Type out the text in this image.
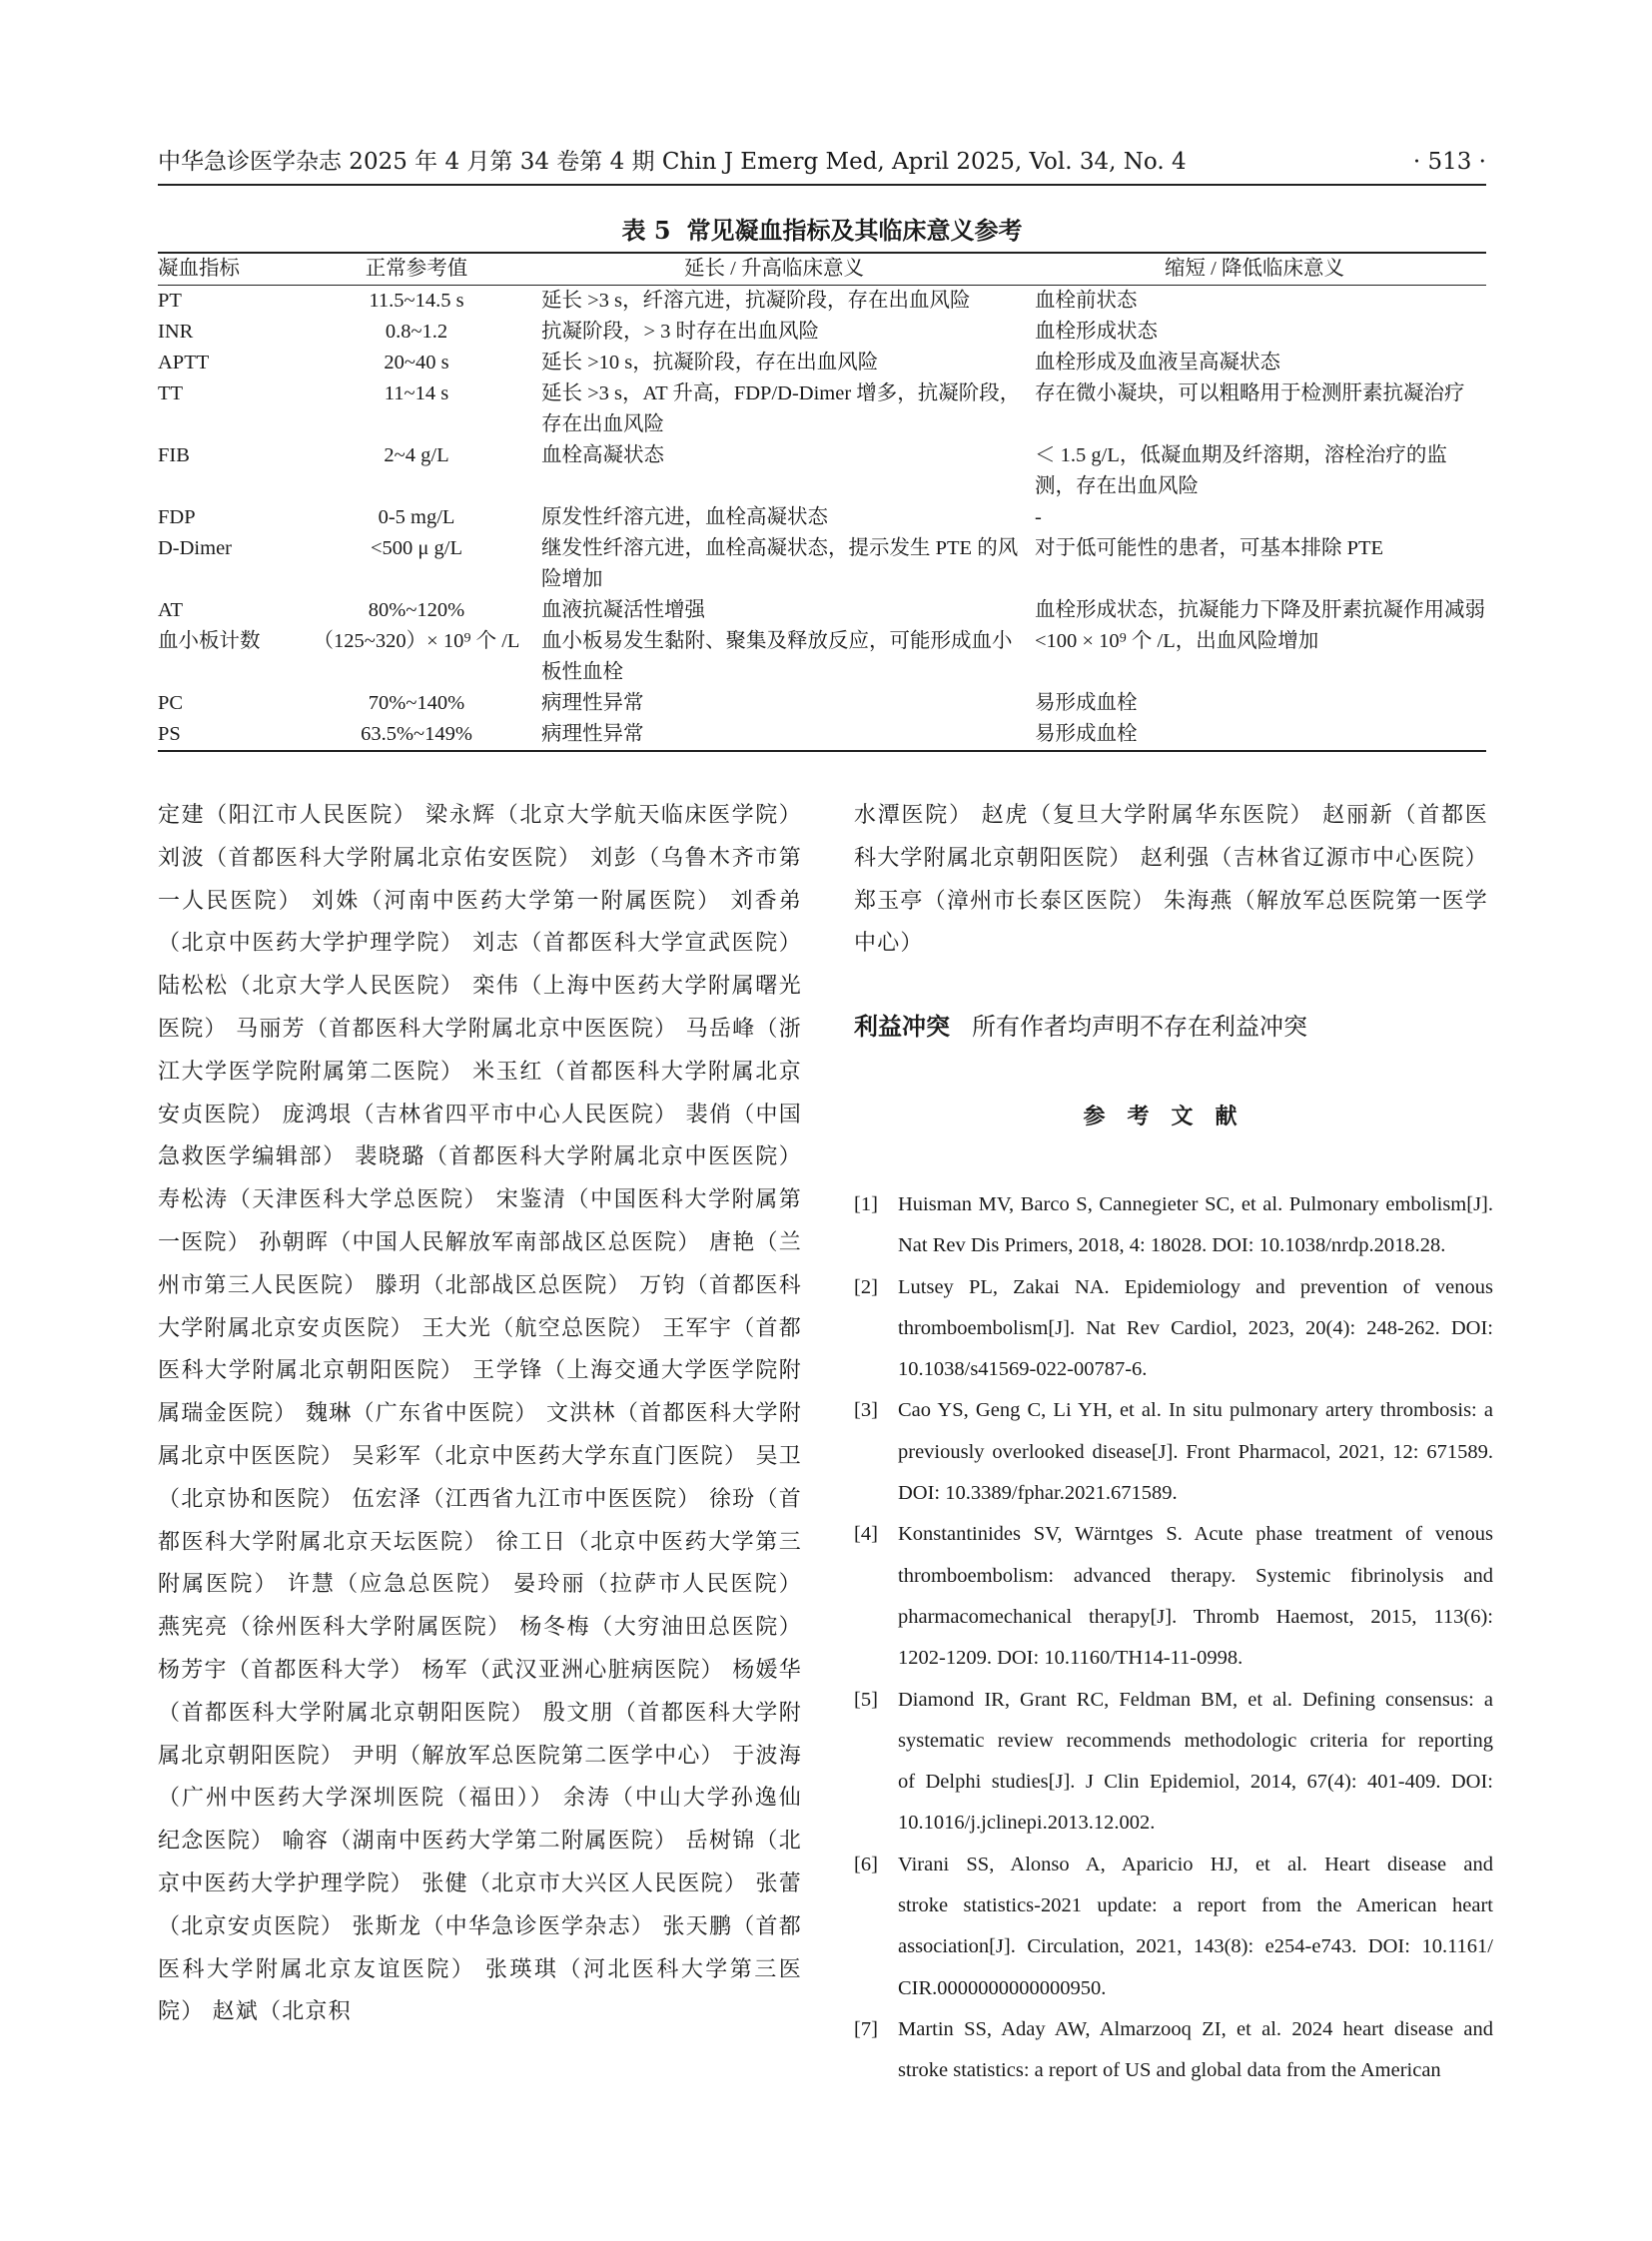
中华急诊医学杂志 2025 年 4 月第 34 卷第 4 期 Chin J Emerg Med, April 2025, Vol. 34, No. 4	· 513 ·
表 5 常见凝血指标及其临床意义参考
凝血指标	正常参考值	延长 / 升高临床意义	缩短 / 降低临床意义
PT	11.5~14.5 s	延长 >3 s，纤溶亢进，抗凝阶段，存在出血风险	血栓前状态
INR	0.8~1.2	抗凝阶段，> 3 时存在出血风险	血栓形成状态
APTT	20~40 s	延长 >10 s，抗凝阶段，存在出血风险	血栓形成及血液呈高凝状态
TT	11~14 s	延长 >3 s，AT 升高，FDP/D-Dimer 增多，抗凝阶段，存在出血风险	存在微小凝块，可以粗略用于检测肝素抗凝治疗
FIB	2~4 g/L	血栓高凝状态	＜ 1.5 g/L，低凝血期及纤溶期，溶栓治疗的监测，存在出血风险
FDP	0-5 mg/L	原发性纤溶亢进，血栓高凝状态	-
D-Dimer	<500 μ g/L	继发性纤溶亢进，血栓高凝状态，提示发生 PTE 的风险增加	对于低可能性的患者，可基本排除 PTE
AT	80%~120%	血液抗凝活性增强	血栓形成状态，抗凝能力下降及肝素抗凝作用减弱
血小板计数	（125~320）× 10⁹ 个 /L	血小板易发生黏附、聚集及释放反应，可能形成血小板性血栓	<100 × 10⁹ 个 /L，出血风险增加
PC	70%~140%	病理性异常	易形成血栓
PS	63.5%~149%	病理性异常	易形成血栓
定建（阳江市人民医院） 梁永辉（北京大学航天临床医学院） 刘波（首都医科大学附属北京佑安医院） 刘彭（乌鲁木齐市第一人民医院） 刘姝（河南中医药大学第一附属医院） 刘香弟（北京中医药大学护理学院） 刘志（首都医科大学宣武医院） 陆松松（北京大学人民医院） 栾伟（上海中医药大学附属曙光医院） 马丽芳（首都医科大学附属北京中医医院） 马岳峰（浙江大学医学院附属第二医院） 米玉红（首都医科大学附属北京安贞医院） 庞鸿垠（吉林省四平市中心人民医院） 裴俏（中国急救医学编辑部） 裴晓璐（首都医科大学附属北京中医医院） 寿松涛（天津医科大学总医院） 宋鉴清（中国医科大学附属第一医院） 孙朝晖（中国人民解放军南部战区总医院） 唐艳（兰州市第三人民医院） 滕玥（北部战区总医院） 万钧（首都医科大学附属北京安贞医院） 王大光（航空总医院） 王军宇（首都医科大学附属北京朝阳医院） 王学锋（上海交通大学医学院附属瑞金医院） 魏琳（广东省中医院） 文洪林（首都医科大学附属北京中医医院） 吴彩军（北京中医药大学东直门医院） 吴卫（北京协和医院） 伍宏泽（江西省九江市中医医院） 徐玢（首都医科大学附属北京天坛医院） 徐工日（北京中医药大学第三附属医院） 许慧（应急总医院） 晏玲丽（拉萨市人民医院） 燕宪亮（徐州医科大学附属医院） 杨冬梅（大穷油田总医院） 杨芳宇（首都医科大学） 杨军（武汉亚洲心脏病医院） 杨媛华（首都医科大学附属北京朝阳医院） 殷文朋（首都医科大学附属北京朝阳医院） 尹明（解放军总医院第二医学中心） 于波海（广州中医药大学深圳医院（福田）） 余涛（中山大学孙逸仙纪念医院） 喻容（湖南中医药大学第二附属医院） 岳树锦（北京中医药大学护理学院） 张健（北京市大兴区人民医院） 张蕾（北京安贞医院） 张斯龙（中华急诊医学杂志） 张天鹏（首都医科大学附属北京友谊医院） 张瑛琪（河北医科大学第三医院） 赵斌（北京积
水潭医院） 赵虎（复旦大学附属华东医院） 赵丽新（首都医科大学附属北京朝阳医院） 赵利强（吉林省辽源市中心医院） 郑玉亭（漳州市长泰区医院） 朱海燕（解放军总医院第一医学中心）
利益冲突 所有作者均声明不存在利益冲突
参考文献
[1] Huisman MV, Barco S, Cannegieter SC, et al. Pulmonary embolism[J].
Nat Rev Dis Primers, 2018, 4: 18028. DOI: 10.1038/nrdp.2018.28.
[2] Lutsey PL, Zakai NA. Epidemiology and prevention of venous
thromboembolism[J]. Nat Rev Cardiol, 2023, 20(4): 248-262. DOI:
10.1038/s41569-022-00787-6.
[3] Cao YS, Geng C, Li YH, et al. In situ pulmonary artery thrombosis: a
previously overlooked disease[J]. Front Pharmacol, 2021, 12: 671589.
DOI: 10.3389/fphar.2021.671589.
[4] Konstantinides SV, Wärntges S. Acute phase treatment of venous
thromboembolism: advanced therapy. Systemic fibrinolysis and
pharmacomechanical therapy[J]. Thromb Haemost, 2015, 113(6):
1202-1209. DOI: 10.1160/TH14-11-0998.
[5] Diamond IR, Grant RC, Feldman BM, et al. Defining consensus: a
systematic review recommends methodologic criteria for reporting
of Delphi studies[J]. J Clin Epidemiol, 2014, 67(4): 401-409. DOI:
10.1016/j.jclinepi.2013.12.002.
[6] Virani SS, Alonso A, Aparicio HJ, et al. Heart disease and
stroke statistics-2021 update: a report from the American heart
association[J]. Circulation, 2021, 143(8): e254-e743. DOI: 10.1161/
CIR.0000000000000950.
[7] Martin SS, Aday AW, Almarzooq ZI, et al. 2024 heart disease and
stroke statistics: a report of US and global data from the American
